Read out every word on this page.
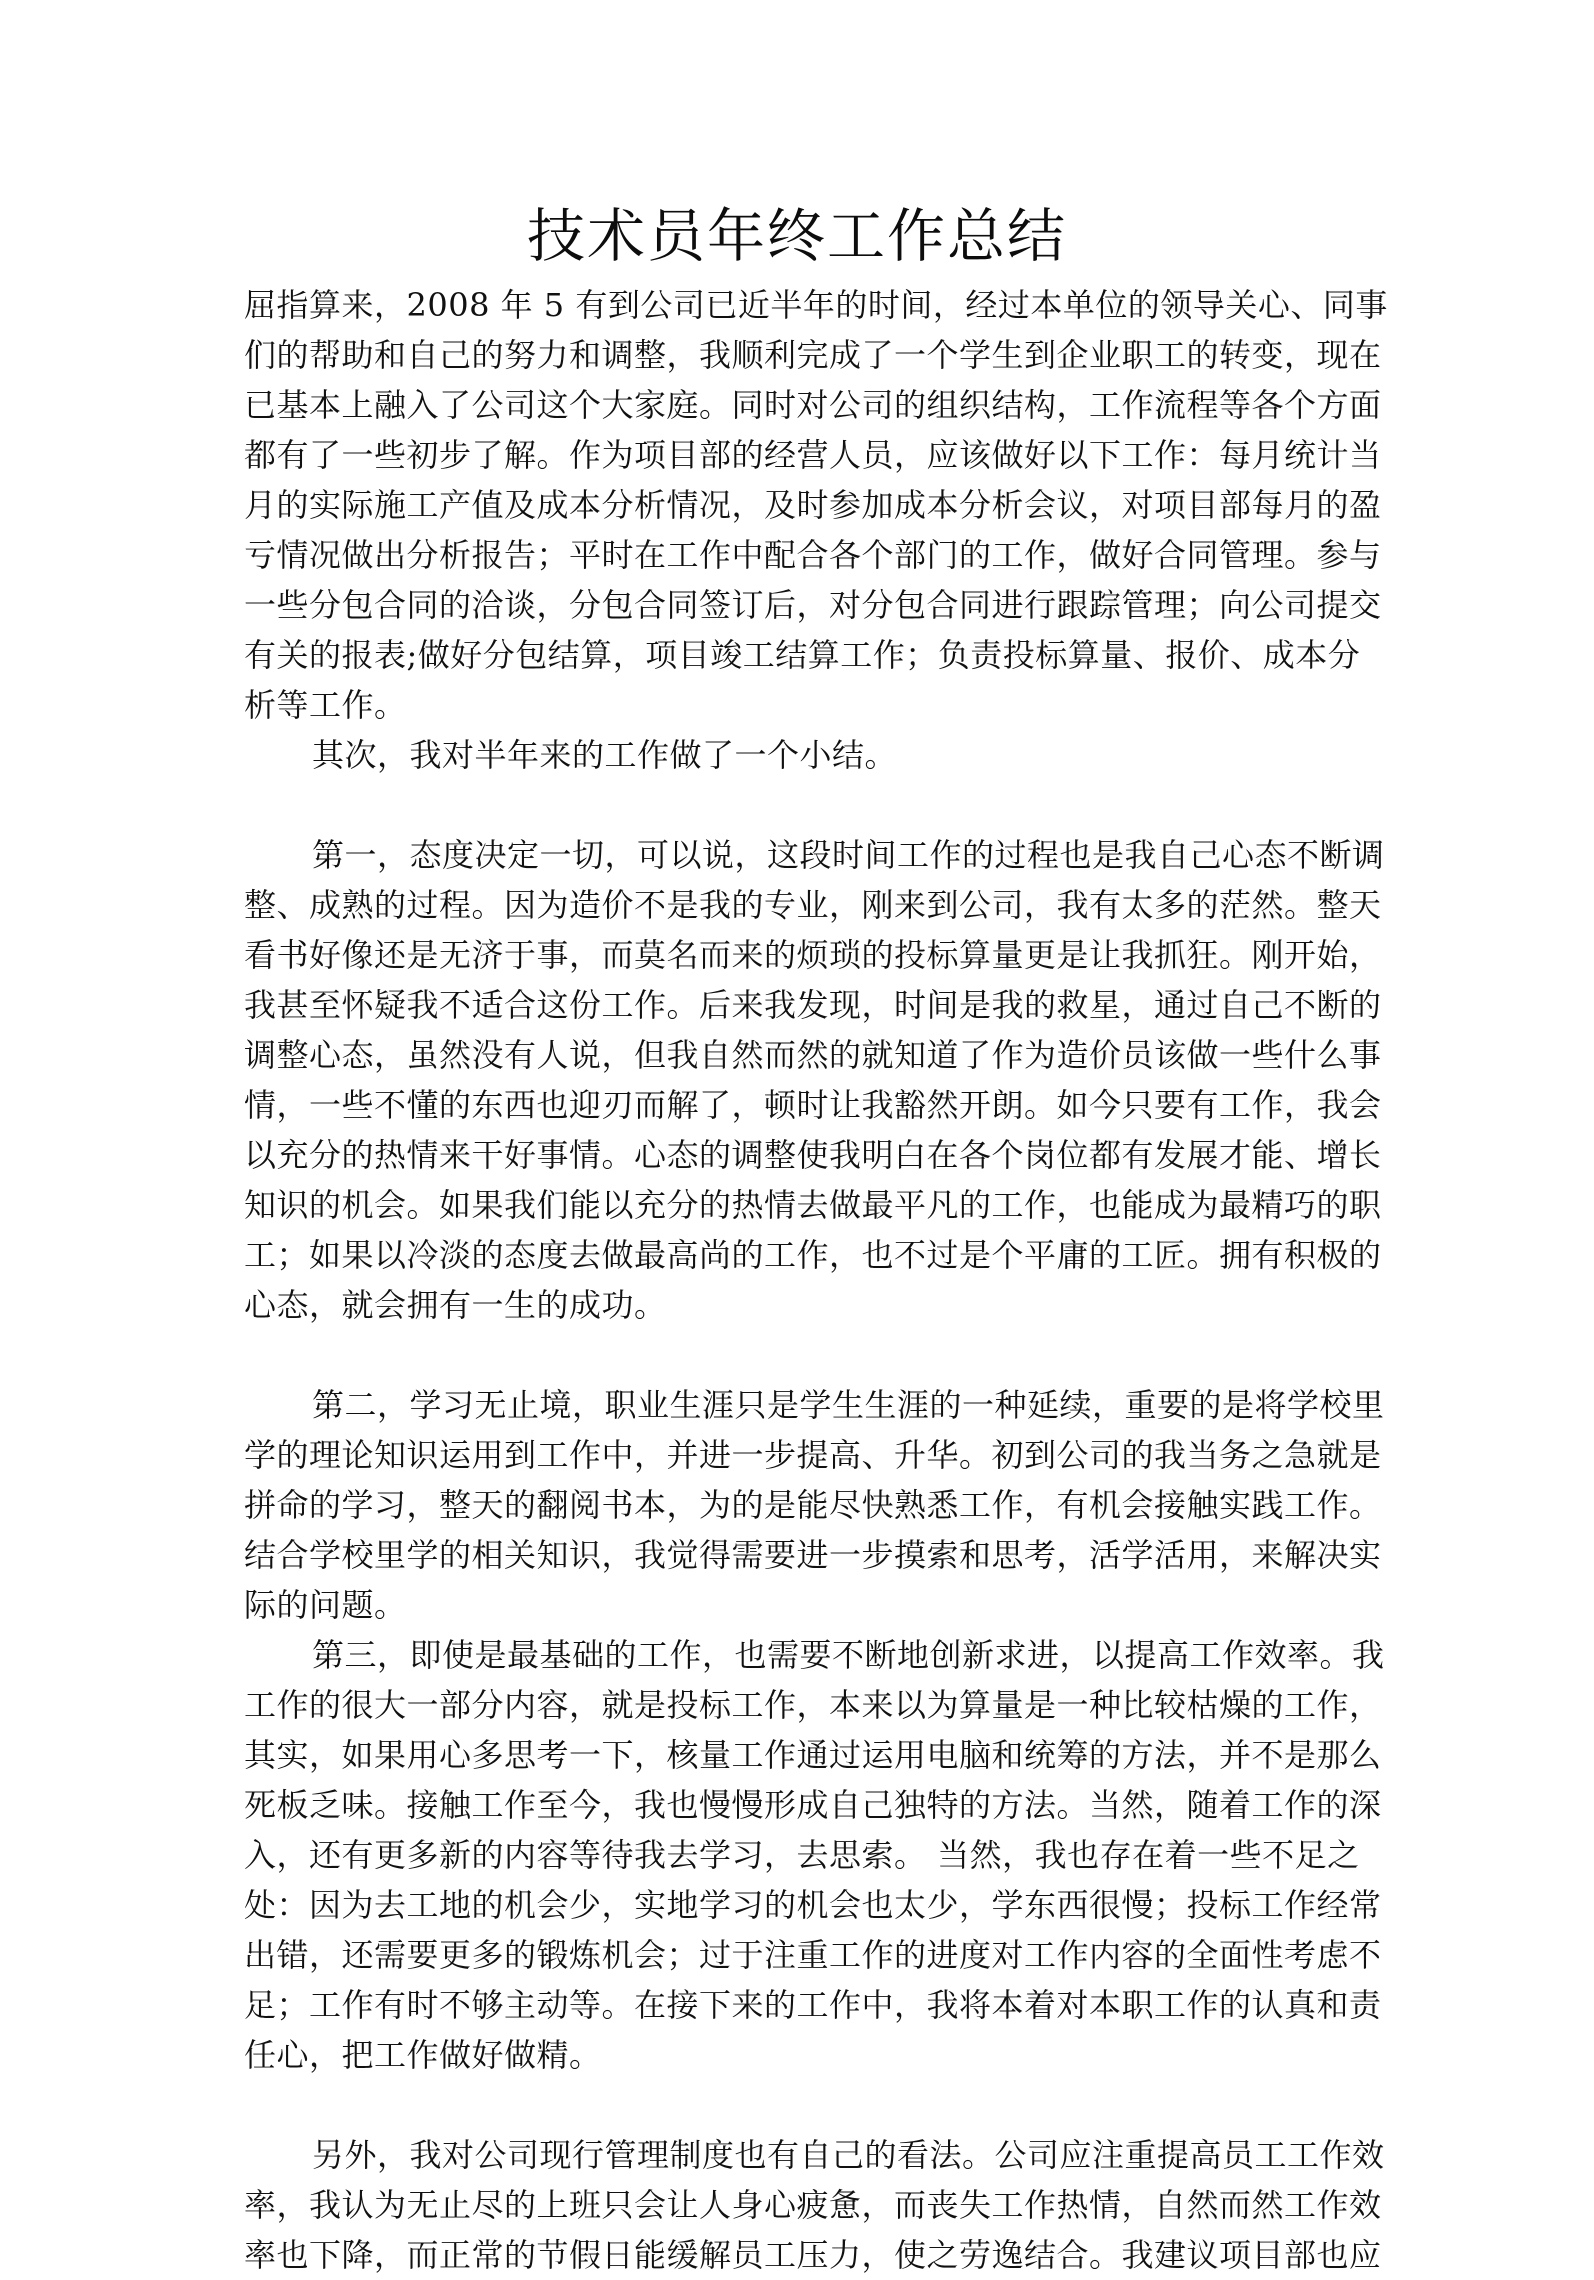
技术员年终工作总结
屈指算来，2008 年 5 有到公司已近半年的时间，经过本单位的领导关心、同事
们的帮助和自己的努力和调整，我顺利完成了一个学生到企业职工的转变，现在
已基本上融入了公司这个大家庭。同时对公司的组织结构，工作流程等各个方面
都有了一些初步了解。作为项目部的经营人员，应该做好以下工作：每月统计当
月的实际施工产值及成本分析情况，及时参加成本分析会议，对项目部每月的盈
亏情况做出分析报告；平时在工作中配合各个部门的工作，做好合同管理。参与
一些分包合同的洽谈，分包合同签订后，对分包合同进行跟踪管理；向公司提交
有关的报表;做好分包结算，项目竣工结算工作；负责投标算量、报价、成本分
析等工作。
其次，我对半年来的工作做了一个小结。
第一，态度决定一切，可以说，这段时间工作的过程也是我自己心态不断调
整、成熟的过程。因为造价不是我的专业，刚来到公司，我有太多的茫然。整天
看书好像还是无济于事，而莫名而来的烦琐的投标算量更是让我抓狂。刚开始，
我甚至怀疑我不适合这份工作。后来我发现，时间是我的救星，通过自己不断的
调整心态，虽然没有人说，但我自然而然的就知道了作为造价员该做一些什么事
情，一些不懂的东西也迎刃而解了，顿时让我豁然开朗。如今只要有工作，我会
以充分的热情来干好事情。心态的调整使我明白在各个岗位都有发展才能、增长
知识的机会。如果我们能以充分的热情去做最平凡的工作，也能成为最精巧的职
工；如果以冷淡的态度去做最高尚的工作，也不过是个平庸的工匠。拥有积极的
心态，就会拥有一生的成功。
第二，学习无止境，职业生涯只是学生生涯的一种延续，重要的是将学校里
学的理论知识运用到工作中，并进一步提高、升华。初到公司的我当务之急就是
拼命的学习，整天的翻阅书本，为的是能尽快熟悉工作，有机会接触实践工作。
结合学校里学的相关知识，我觉得需要进一步摸索和思考，活学活用，来解决实
际的问题。
第三，即使是最基础的工作，也需要不断地创新求进，以提高工作效率。我
工作的很大一部分内容，就是投标工作，本来以为算量是一种比较枯燥的工作，
其实，如果用心多思考一下，核量工作通过运用电脑和统筹的方法，并不是那么
死板乏味。接触工作至今，我也慢慢形成自己独特的方法。当然，随着工作的深
入，还有更多新的内容等待我去学习，去思索。 当然，我也存在着一些不足之
处：因为去工地的机会少，实地学习的机会也太少，学东西很慢；投标工作经常
出错，还需要更多的锻炼机会；过于注重工作的进度对工作内容的全面性考虑不
足；工作有时不够主动等。在接下来的工作中，我将本着对本职工作的认真和责
任心，把工作做好做精。
另外，我对公司现行管理制度也有自己的看法。公司应注重提高员工工作效
率，我认为无止尽的上班只会让人身心疲惫，而丧失工作热情，自然而然工作效
率也下降，而正常的节假日能缓解员工压力，使之劳逸结合。我建议项目部也应
